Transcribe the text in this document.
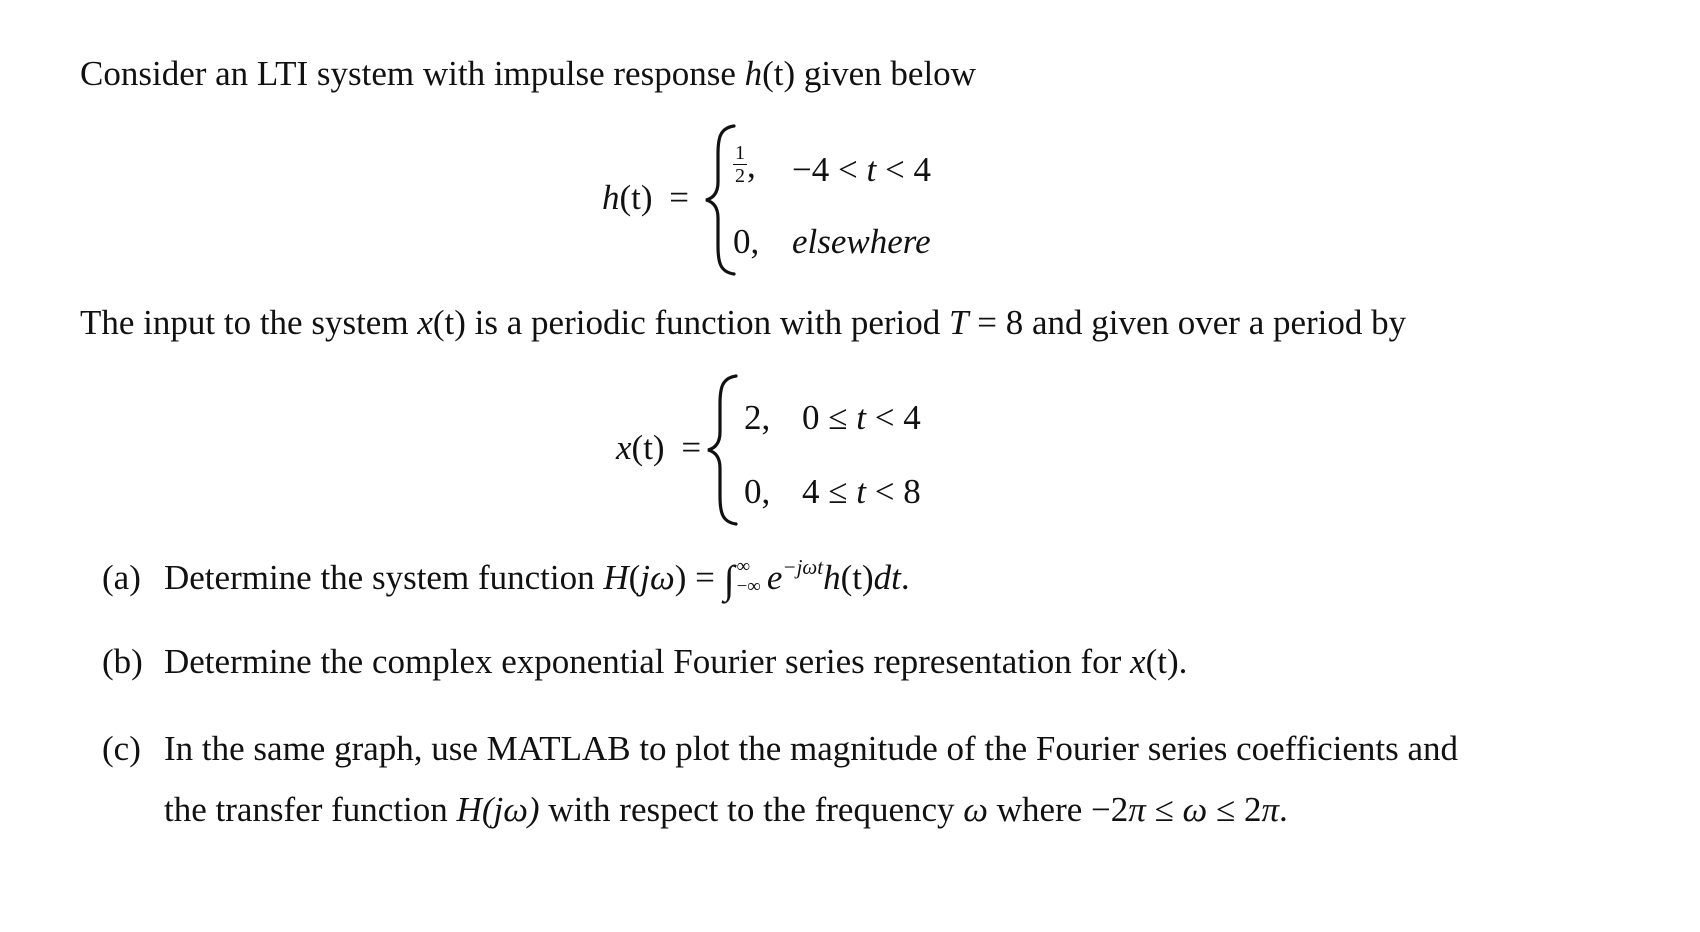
Consider an LTI system with impulse response h(t) given below
h(t) =
$\frac{1}{2}$ , −4 < t < 4
0, elsewhere
The input to the system x(t) is a periodic function with period T = 8 and given over a period by
x(t) =
2, 0 ≤ t < 4
0, 4 ≤ t < 8
(a) Determine the system function H(jω) = ∫ ∞
−∞ $e^{-j\omega t}h(t)dt$.
(b) Determine the complex exponential Fourier series representation for x(t).
(c) In the same graph, use MATLAB to plot the magnitude of the Fourier series coefficients and
the transfer function H(jω) with respect to the frequency ω where −2π ≤ ω ≤ 2π.
